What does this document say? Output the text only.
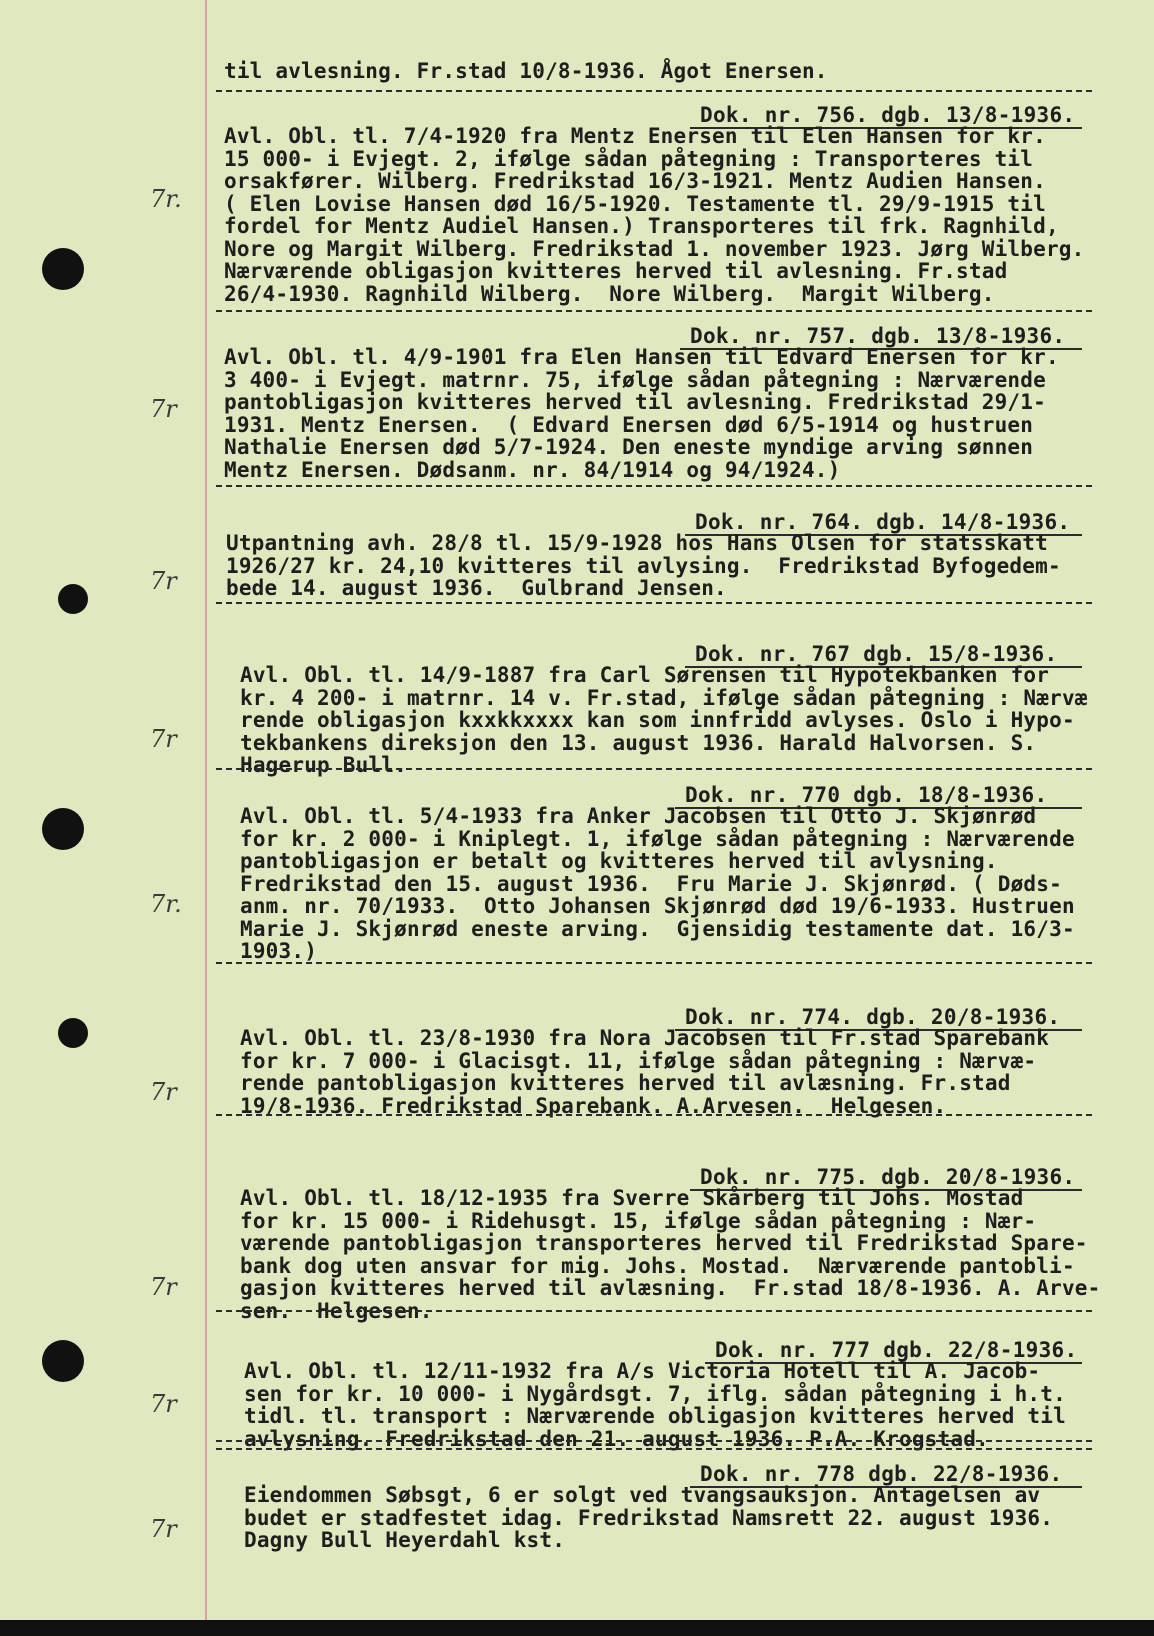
til avlesning. Fr.stad 10/8-1936. Ågot Enersen.
Dok. nr. 756. dgb. 13/8-1936.
Avl. Obl. tl. 7/4-1920 fra Mentz Enersen til Elen Hansen for kr.
15 000- i Evjegt. 2, ifølge sådan påtegning : Transporteres til
orsakfører. Wilberg. Fredrikstad 16/3-1921. Mentz Audien Hansen.
( Elen Lovise Hansen død 16/5-1920. Testamente tl. 29/9-1915 til
fordel for Mentz Audiel Hansen.) Transporteres til frk. Ragnhild,
Nore og Margit Wilberg. Fredrikstad 1. november 1923. Jørg Wilberg.
Nærværende obligasjon kvitteres herved til avlesning. Fr.stad
26/4-1930. Ragnhild Wilberg.  Nore Wilberg.  Margit Wilberg.
7r.
Dok. nr. 757. dgb. 13/8-1936.
Avl. Obl. tl. 4/9-1901 fra Elen Hansen til Edvard Enersen for kr.
3 400- i Evjegt. matrnr. 75, ifølge sådan påtegning : Nærværende
pantobligasjon kvitteres herved til avlesning. Fredrikstad 29/1-
1931. Mentz Enersen.  ( Edvard Enersen død 6/5-1914 og hustruen
Nathalie Enersen død 5/7-1924. Den eneste myndige arving sønnen
Mentz Enersen. Dødsanm. nr. 84/1914 og 94/1924.)
7r
Dok. nr. 764. dgb. 14/8-1936.
Utpantning avh. 28/8 tl. 15/9-1928 hos Hans Olsen for statsskatt
1926/27 kr. 24,10 kvitteres til avlysing.  Fredrikstad Byfogedem-
bede 14. august 1936.  Gulbrand Jensen.
7r
Dok. nr. 767 dgb. 15/8-1936.
Avl. Obl. tl. 14/9-1887 fra Carl Sørensen til Hypotekbanken for
kr. 4 200- i matrnr. 14 v. Fr.stad, ifølge sådan påtegning : Nærvæ
rende obligasjon kxxkkxxxx kan som innfridd avlyses. Oslo i Hypo-
tekbankens direksjon den 13. august 1936. Harald Halvorsen. S.
Hagerup Bull.
7r
Dok. nr. 770 dgb. 18/8-1936.
Avl. Obl. tl. 5/4-1933 fra Anker Jacobsen til Otto J. Skjønrød
for kr. 2 000- i Kniplegt. 1, ifølge sådan påtegning : Nærværende
pantobligasjon er betalt og kvitteres herved til avlysning.
Fredrikstad den 15. august 1936.  Fru Marie J. Skjønrød. ( Døds-
anm. nr. 70/1933.  Otto Johansen Skjønrød død 19/6-1933. Hustruen
Marie J. Skjønrød eneste arving.  Gjensidig testamente dat. 16/3-
1903.)
7r.
Dok. nr. 774. dgb. 20/8-1936.
Avl. Obl. tl. 23/8-1930 fra Nora Jacobsen til Fr.stad Sparebank
for kr. 7 000- i Glacisgt. 11, ifølge sådan påtegning : Nærvæ-
rende pantobligasjon kvitteres herved til avlæsning. Fr.stad
19/8-1936. Fredrikstad Sparebank. A.Arvesen.  Helgesen.
7r
Dok. nr. 775. dgb. 20/8-1936.
Avl. Obl. tl. 18/12-1935 fra Sverre Skårberg til Johs. Mostad
for kr. 15 000- i Ridehusgt. 15, ifølge sådan påtegning : Nær-
værende pantobligasjon transporteres herved til Fredrikstad Spare-
bank dog uten ansvar for mig. Johs. Mostad.  Nærværende pantobli-
gasjon kvitteres herved til avlæsning.  Fr.stad 18/8-1936. A. Arve-
sen.  Helgesen.
7r
Dok. nr. 777 dgb. 22/8-1936.
Avl. Obl. tl. 12/11-1932 fra A/s Victoria Hotell til A. Jacob-
sen for kr. 10 000- i Nygårdsgt. 7, iflg. sådan påtegning i h.t.
tidl. tl. transport : Nærværende obligasjon kvitteres herved til
avlysning. Fredrikstad den 21. august 1936. P.A. Krogstad.
7r
Dok. nr. 778 dgb. 22/8-1936.
Eiendommen Søbsgt, 6 er solgt ved tvangsauksjon. Antagelsen av
budet er stadfestet idag. Fredrikstad Namsrett 22. august 1936.
Dagny Bull Heyerdahl kst.
7r
